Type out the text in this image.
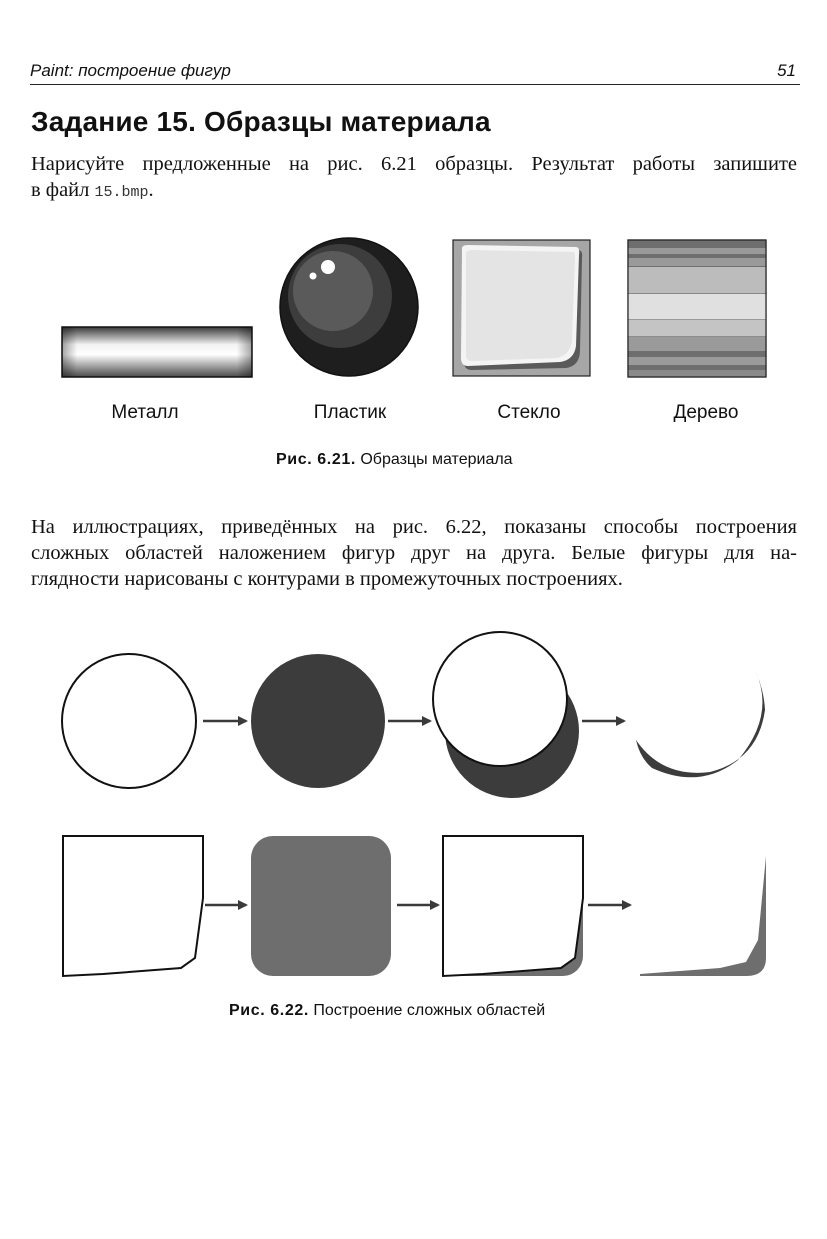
Paint: построение фигур	51
Задание 15. Образцы материала

Нарисуйте предложенные на рис. 6.21 образцы. Результат работы запишите
в файл 15.bmp.

Металл	Пластик	Стекло	Дерево
Рис. 6.21. Образцы материала

На иллюстрациях, приведённых на рис. 6.22, показаны способы построения
сложных областей наложением фигур друг на друга. Белые фигуры для на-
глядности нарисованы с контурами в промежуточных построениях.

Рис. 6.22. Построение сложных областей
